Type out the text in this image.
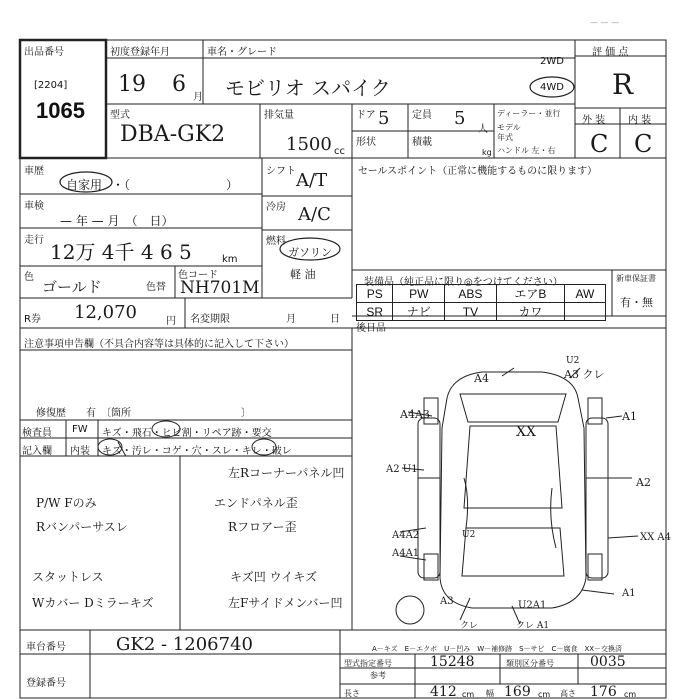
— — —
出品番号
[2204]
1065
初度登録年月
19 6
月
車名・グレード
モビリオ スパイク
2WD
4WD
評 価 点
R
外 装 内 装
C C
型式
DBA-GK2
排気量
1500 cc
ドア 5 定員 5
人
形状	積載
kg
ディーラー・並行
モデル
年式
ハンドル 左・右
車歴
自家用 ・（　　　　　　　　）
車検
— 年 — 月　（　日）
走行 12万 4千 4 6 5	km
色
ゴールド	色替
色コード
NH701M
シフト A/T
冷房 A/C
燃料
ガソリン
軽 油
セールスポイント（正常に機能するものに限ります）
R券 12,070	円 名変期限	月	日
装備品（純正品に限り◎をつけてください）	新車保証書
有・無
PS	PW	ABS	エアB	AW
SR	ナビ	TV	カワ	
後日品
注意事項申告欄（不具合内容等は具体的に記入して下さい）
修復歴　　有　〔箇所　　　　　　　　　　　〕
検査員
記入欄
FW キズ・飛石・ヒビ割・リペア跡・要交
内装 キズ・汚レ・コゲ・穴・スレ・キレ・破レ
左Rコーナーパネル凹
P/W Fのみ	エンドパネル歪
Rバンパーサスレ	Rフロアー歪
スタットレス	キズ凹 ウイキズ
Wカバー Dミラーキズ	左Fサイドメンバー凹
A4	A3 クレ
U2
XX
A1
A4A3
A2 U1
A2
U2
A4A2	XX A4
A4A1
A1
A3	U2A1
クレ	クレ A1
A－キズ　E－エクボ　U－凹み　W－補修跡　S－サビ　C－腐食　XX－交換済
車台番号	GK2 - 1206740
登録番号
型式指定番号	15248	類別区分番号	0035
参考
長さ	412 cm 幅 169 cm 高さ 176 cm
